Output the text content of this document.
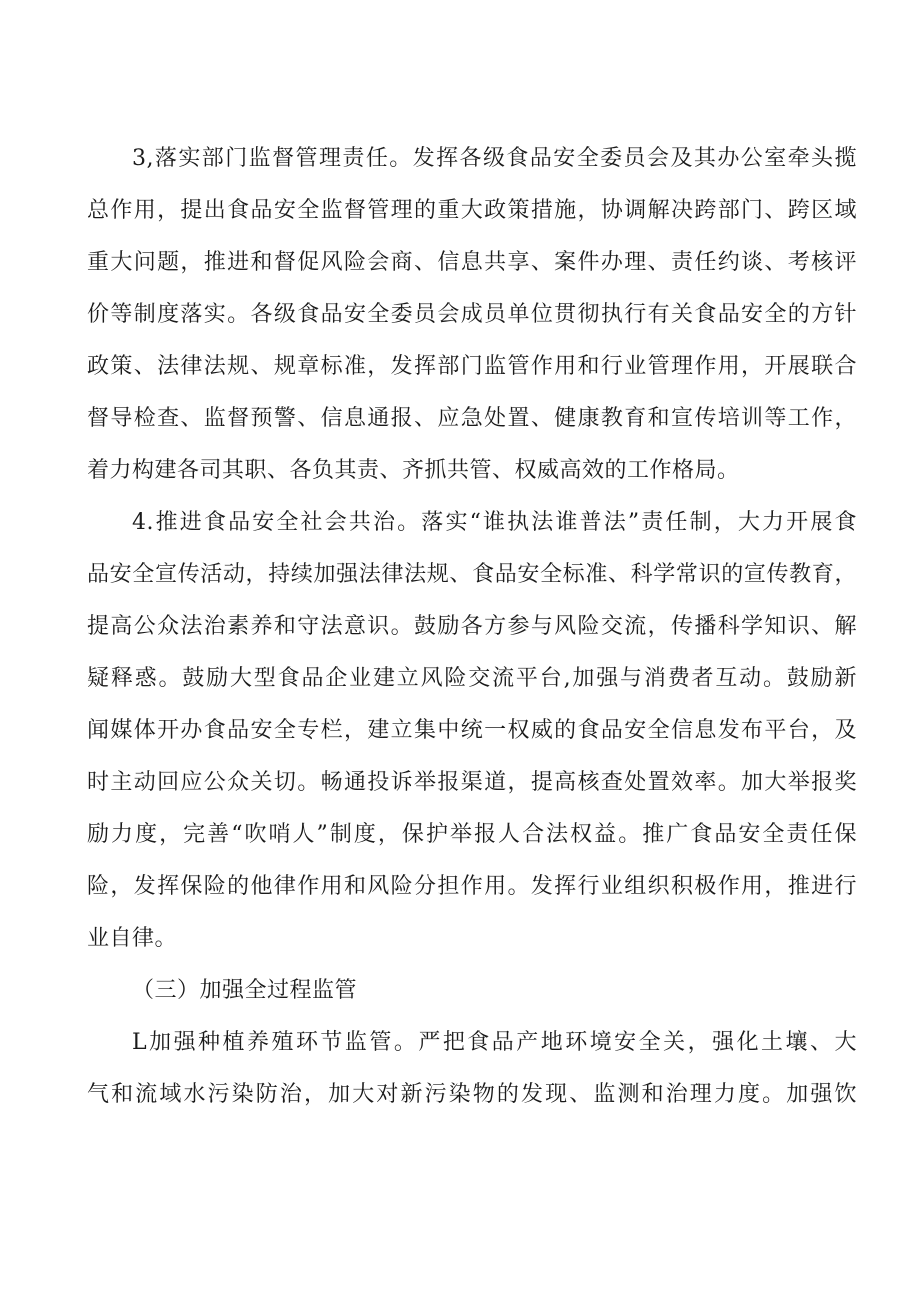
3,落实部门监督管理责任。发挥各级食品安全委员会及其办公室牵头揽
总作用，提出食品安全监督管理的重大政策措施，协调解决跨部门、跨区域
重大问题，推进和督促风险会商、信息共享、案件办理、责任约谈、考核评
价等制度落实。各级食品安全委员会成员单位贯彻执行有关食品安全的方针
政策、法律法规、规章标准，发挥部门监管作用和行业管理作用，开展联合
督导检查、监督预警、信息通报、应急处置、健康教育和宣传培训等工作，
着力构建各司其职、各负其责、齐抓共管、权威高效的工作格局。
4.推进食品安全社会共治。落实“谁执法谁普法”责任制，大力开展食
品安全宣传活动，持续加强法律法规、食品安全标准、科学常识的宣传教育，
提高公众法治素养和守法意识。鼓励各方参与风险交流，传播科学知识、解
疑释惑。鼓励大型食品企业建立风险交流平台,加强与消费者互动。鼓励新
闻媒体开办食品安全专栏，建立集中统一权威的食品安全信息发布平台，及
时主动回应公众关切。畅通投诉举报渠道，提高核查处置效率。加大举报奖
励力度，完善“吹哨人”制度，保护举报人合法权益。推广食品安全责任保
险，发挥保险的他律作用和风险分担作用。发挥行业组织积极作用，推进行
业自律。
（三）加强全过程监管
L加强种植养殖环节监管。严把食品产地环境安全关，强化土壤、大
气和流域水污染防治，加大对新污染物的发现、监测和治理力度。加强饮
